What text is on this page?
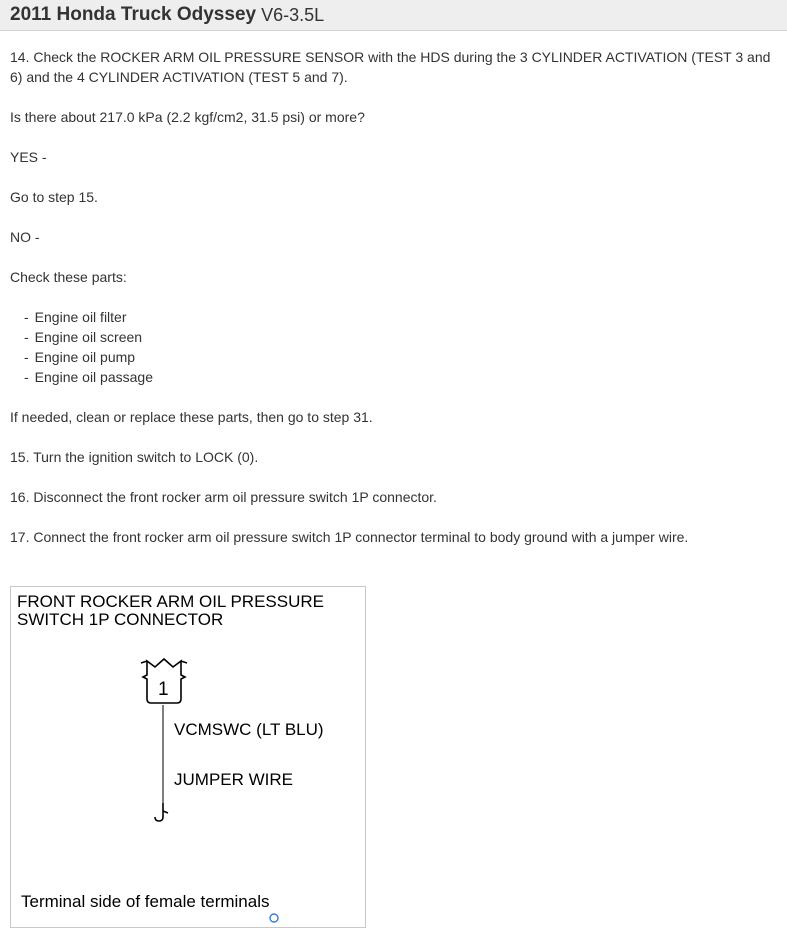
2011 Honda Truck Odyssey V6-3.5L

14. Check the ROCKER ARM OIL PRESSURE SENSOR with the HDS during the 3 CYLINDER ACTIVATION (TEST 3 and 6) and the 4 CYLINDER ACTIVATION (TEST 5 and 7).

Is there about 217.0 kPa (2.2 kgf/cm2, 31.5 psi) or more?

YES -

Go to step 15.

NO -

Check these parts:

- Engine oil filter
- Engine oil screen
- Engine oil pump
- Engine oil passage

If needed, clean or replace these parts, then go to step 31.

15. Turn the ignition switch to LOCK (0).

16. Disconnect the front rocker arm oil pressure switch 1P connector.

17. Connect the front rocker arm oil pressure switch 1P connector terminal to body ground with a jumper wire.

FRONT ROCKER ARM OIL PRESSURE
SWITCH 1P CONNECTOR
1
VCMSWC (LT BLU)
JUMPER WIRE
Terminal side of female terminals
